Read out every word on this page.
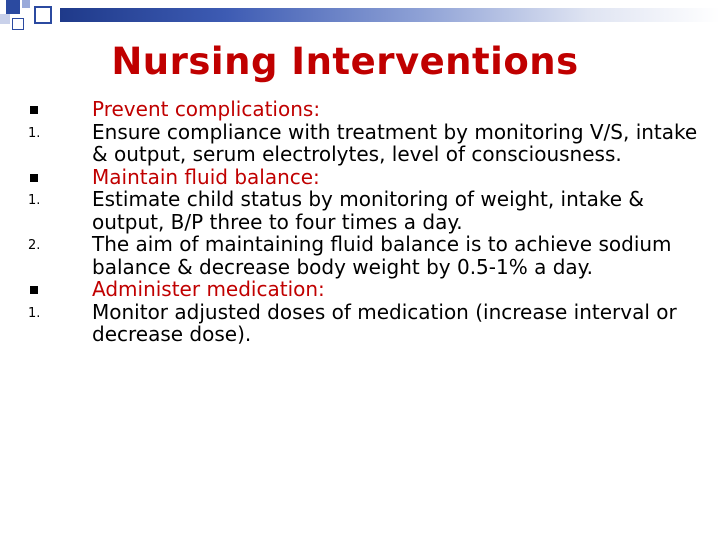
Nursing Interventions
Prevent complications:
1.	Ensure compliance with treatment by monitoring V/S, intake & output, serum electrolytes, level of consciousness.
Maintain fluid balance:
1.	Estimate child status by monitoring of weight, intake & output, B/P three to four times a day.
2.	The aim of maintaining fluid balance is to achieve sodium balance & decrease body weight by 0.5-1% a day.
Administer medication:
1.	Monitor adjusted doses of medication (increase interval or decrease dose).
